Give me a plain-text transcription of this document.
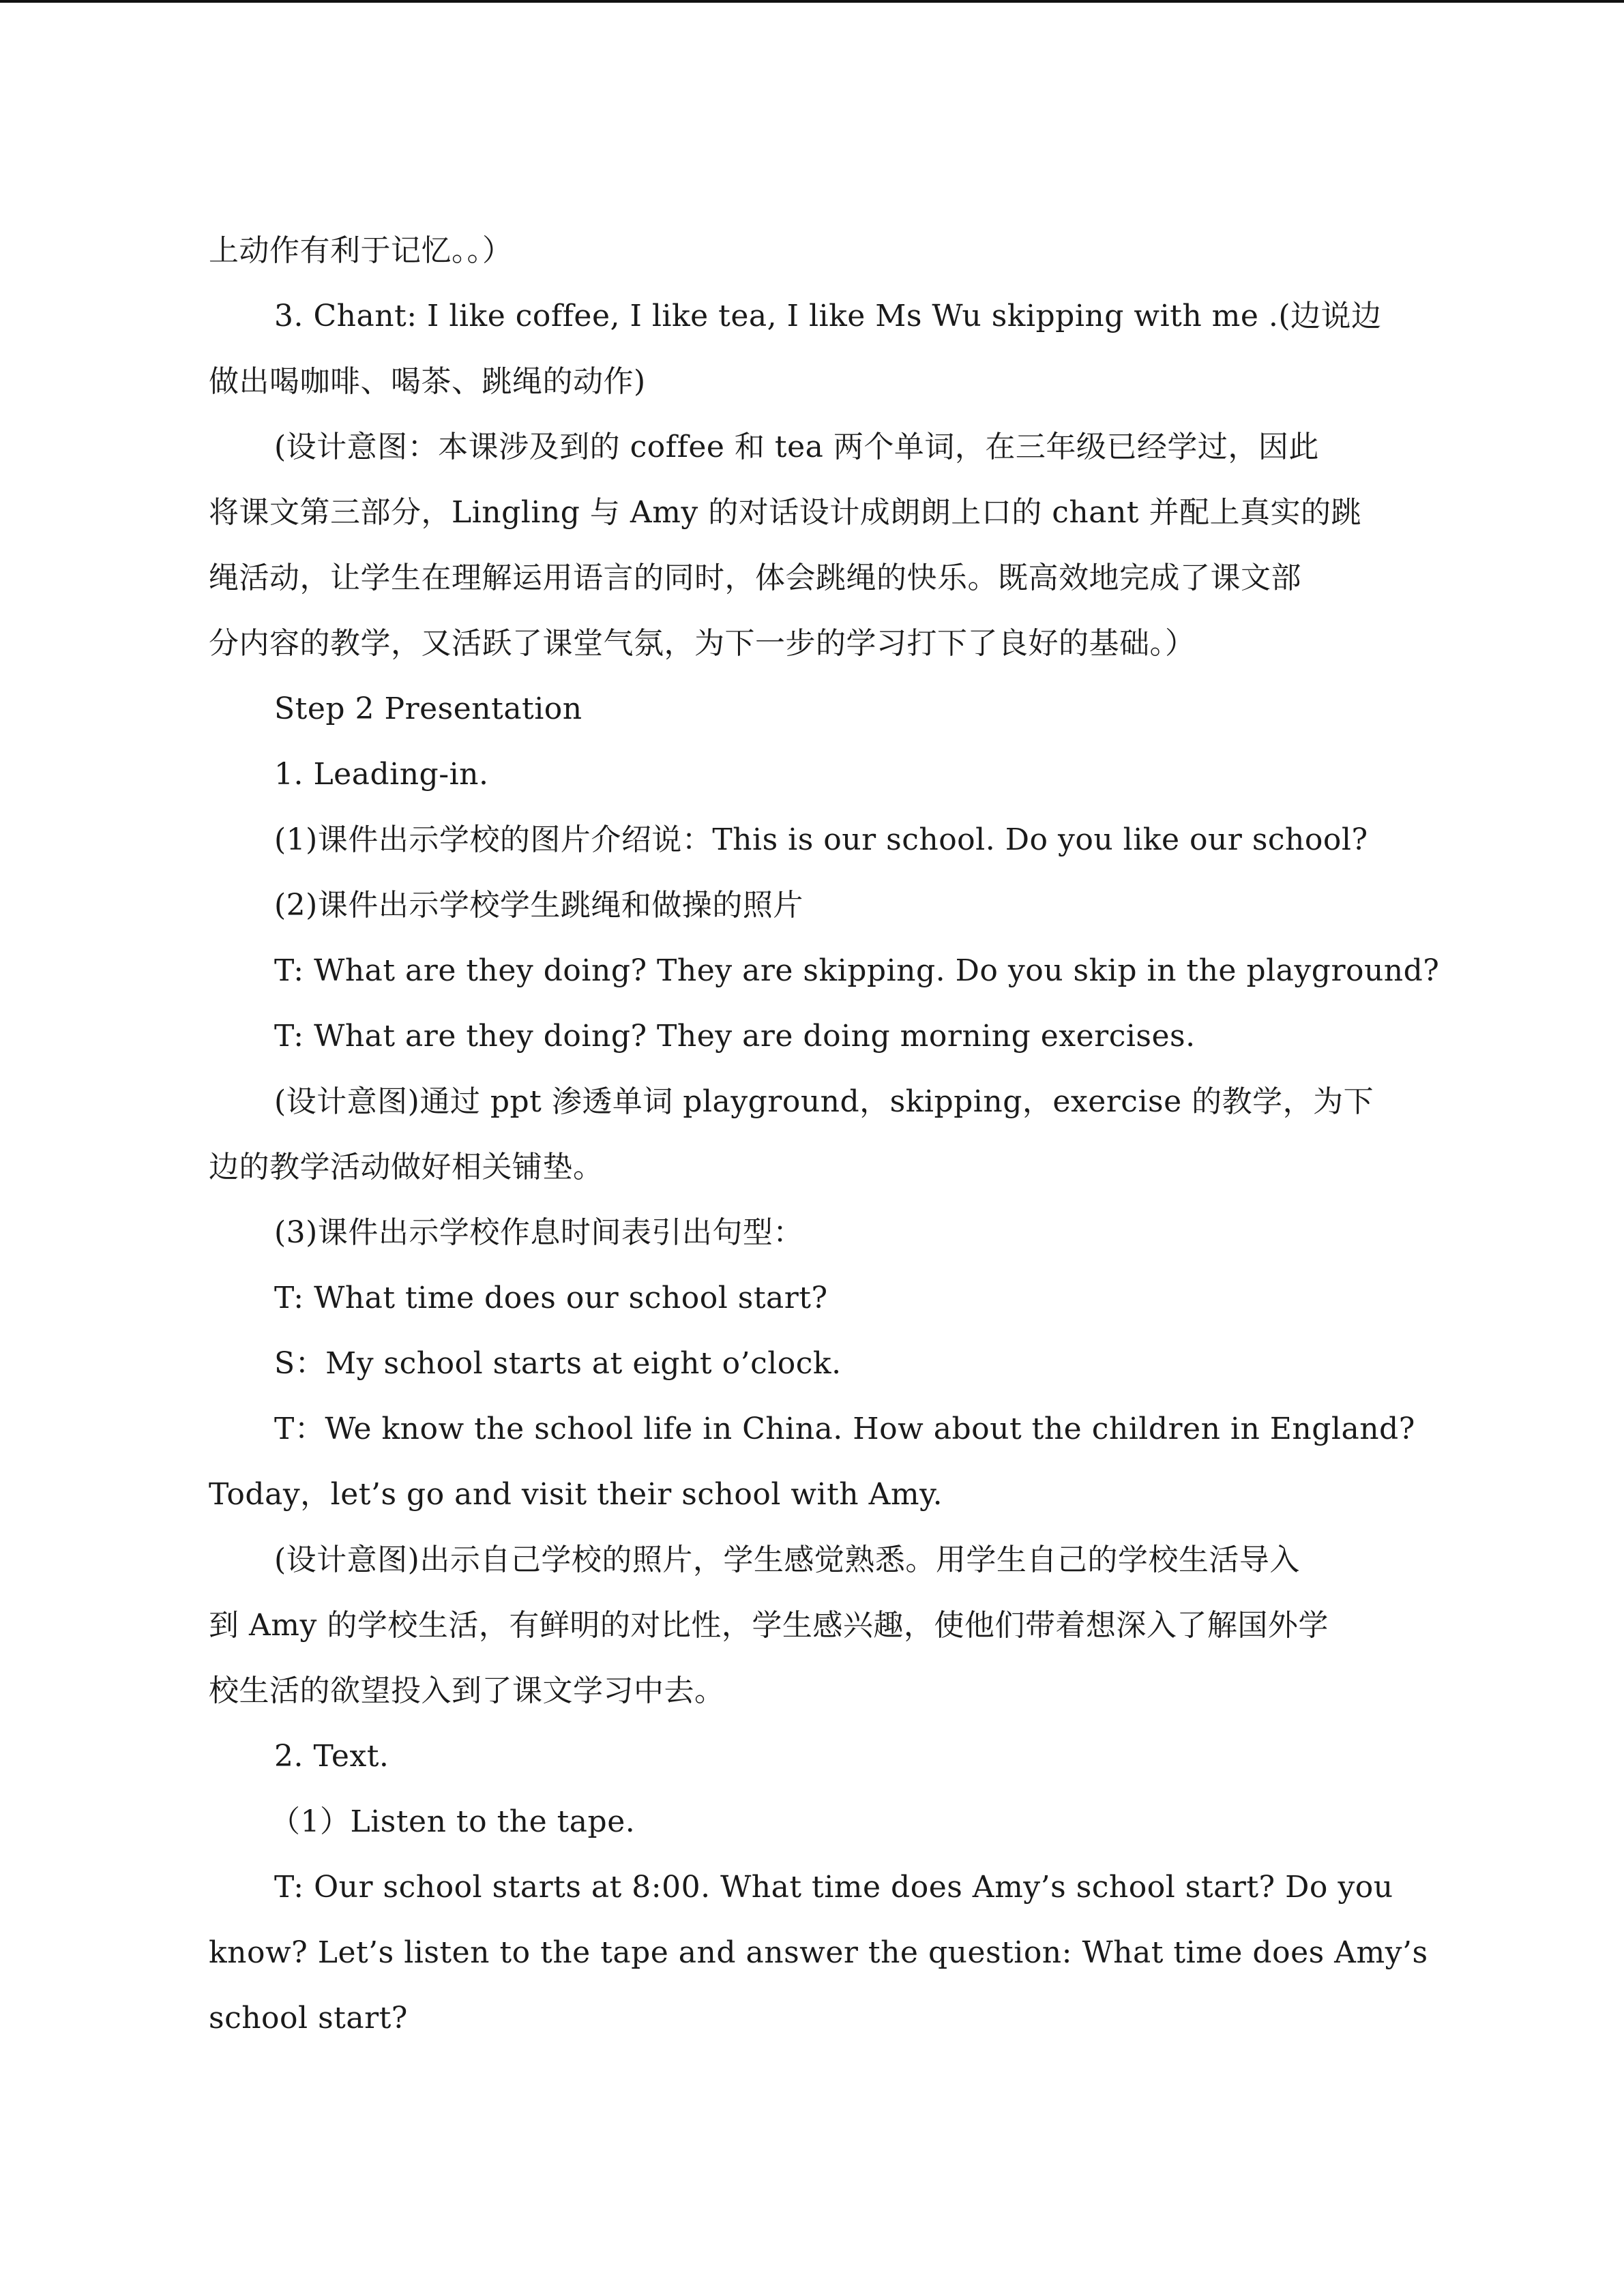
上动作有利于记忆。。）
3. Chant: I like coffee, I like tea, I like Ms Wu skipping with me .(边说边
做出喝咖啡、喝茶、跳绳的动作)
(设计意图：本课涉及到的 coffee 和 tea 两个单词，在三年级已经学过，因此
将课文第三部分，Lingling 与 Amy 的对话设计成朗朗上口的 chant 并配上真实的跳
绳活动，让学生在理解运用语言的同时，体会跳绳的快乐。既高效地完成了课文部
分内容的教学，又活跃了课堂气氛，为下一步的学习打下了良好的基础。）
Step 2 Presentation
1. Leading-in.
(1)课件出示学校的图片介绍说：This is our school. Do you like our school?
(2)课件出示学校学生跳绳和做操的照片
T: What are they doing? They are skipping. Do you skip in the playground?
T: What are they doing? They are doing morning exercises.
(设计意图)通过 ppt 渗透单词 playground，skipping，exercise 的教学，为下
边的教学活动做好相关铺垫。
(3)课件出示学校作息时间表引出句型：
T: What time does our school start?
S：My school starts at eight o’clock.
T：We know the school life in China. How about the children in England?
Today，let’s go and visit their school with Amy.
(设计意图)出示自己学校的照片，学生感觉熟悉。用学生自己的学校生活导入
到 Amy 的学校生活，有鲜明的对比性，学生感兴趣，使他们带着想深入了解国外学
校生活的欲望投入到了课文学习中去。
2. Text.
（1）Listen to the tape.
T: Our school starts at 8:00. What time does Amy’s school start? Do you
know? Let’s listen to the tape and answer the question: What time does Amy’s
school start?
